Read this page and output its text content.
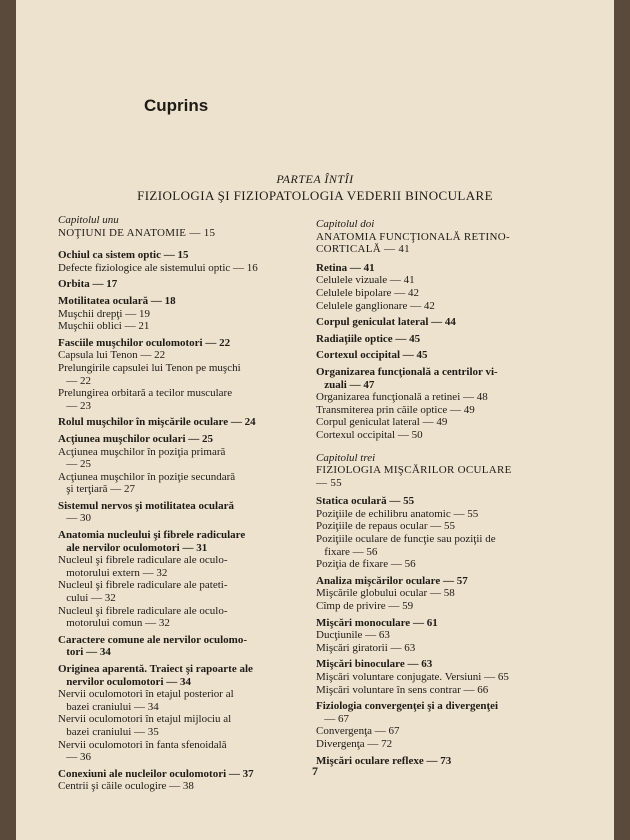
Cuprins
PARTEA ÎNTÎI
FIZIOLOGIA ŞI FIZIOPATOLOGIA VEDERII BINOCULARE
Capitolul unu
NOŢIUNI DE ANATOMIE — 15
Ochiul ca sistem optic — 15
Defecte fiziologice ale sistemului optic — 16
Orbita — 17
Motilitatea oculară — 18
Muşchii drepţi — 19
Muşchii oblici — 21
Fasciile muşchilor oculomotori — 22
Capsula lui Tenon — 22
Prelungirile capsulei lui Tenon pe muşchi
— 22
Prelungirea orbitară a tecilor musculare
— 23
Rolul muşchilor în mişcările oculare — 24
Acţiunea muşchilor oculari — 25
Acţiunea muşchilor în poziţia primară
— 25
Acţiunea muşchilor în poziţie secundară
şi terţiară — 27
Sistemul nervos şi motilitatea oculară
— 30
Anatomia nucleului şi fibrele radiculare
ale nervilor oculomotori — 31
Nucleul şi fibrele radiculare ale oculo-
motorului extern — 32
Nucleul şi fibrele radiculare ale pateti-
cului — 32
Nucleul şi fibrele radiculare ale oculo-
motorului comun — 32
Caractere comune ale nervilor oculomo-
tori — 34
Originea aparentă. Traiect şi rapoarte ale
nervilor oculomotori — 34
Nervii oculomotori în etajul posterior al
bazei craniului — 34
Nervii oculomotori în etajul mijlociu al
bazei craniului — 35
Nervii oculomotori în fanta sfenoidală
— 36
Conexiuni ale nucleilor oculomotori — 37
Centrii şi căile oculogire — 38
Capitolul doi
ANATOMIA FUNCŢIONALĂ RETINO-
CORTICALĂ — 41
Retina — 41
Celulele vizuale — 41
Celulele bipolare — 42
Celulele ganglionare — 42
Corpul geniculat lateral — 44
Radiaţiile optice — 45
Cortexul occipital — 45
Organizarea funcţională a centrilor vi-
zuali — 47
Organizarea funcţională a retinei — 48
Transmiterea prin căile optice — 49
Corpul geniculat lateral — 49
Cortexul occipital — 50
Capitolul trei
FIZIOLOGIA MIŞCĂRILOR OCULARE
— 55
Statica oculară — 55
Poziţiile de echilibru anatomic — 55
Poziţiile de repaus ocular — 55
Poziţiile oculare de funcţie sau poziţii de
fixare — 56
Poziţia de fixare — 56
Analiza mişcărilor oculare — 57
Mişcările globului ocular — 58
Cîmp de privire — 59
Mişcări monoculare — 61
Ducţiunile — 63
Mişcări giratorii — 63
Mişcări binoculare — 63
Mişcări voluntare conjugate. Versiuni — 65
Mişcări voluntare în sens contrar — 66
Fiziologia convergenţei şi a divergenţei
— 67
Convergenţa — 67
Divergenţa — 72
Mişcări oculare reflexe — 73
7
